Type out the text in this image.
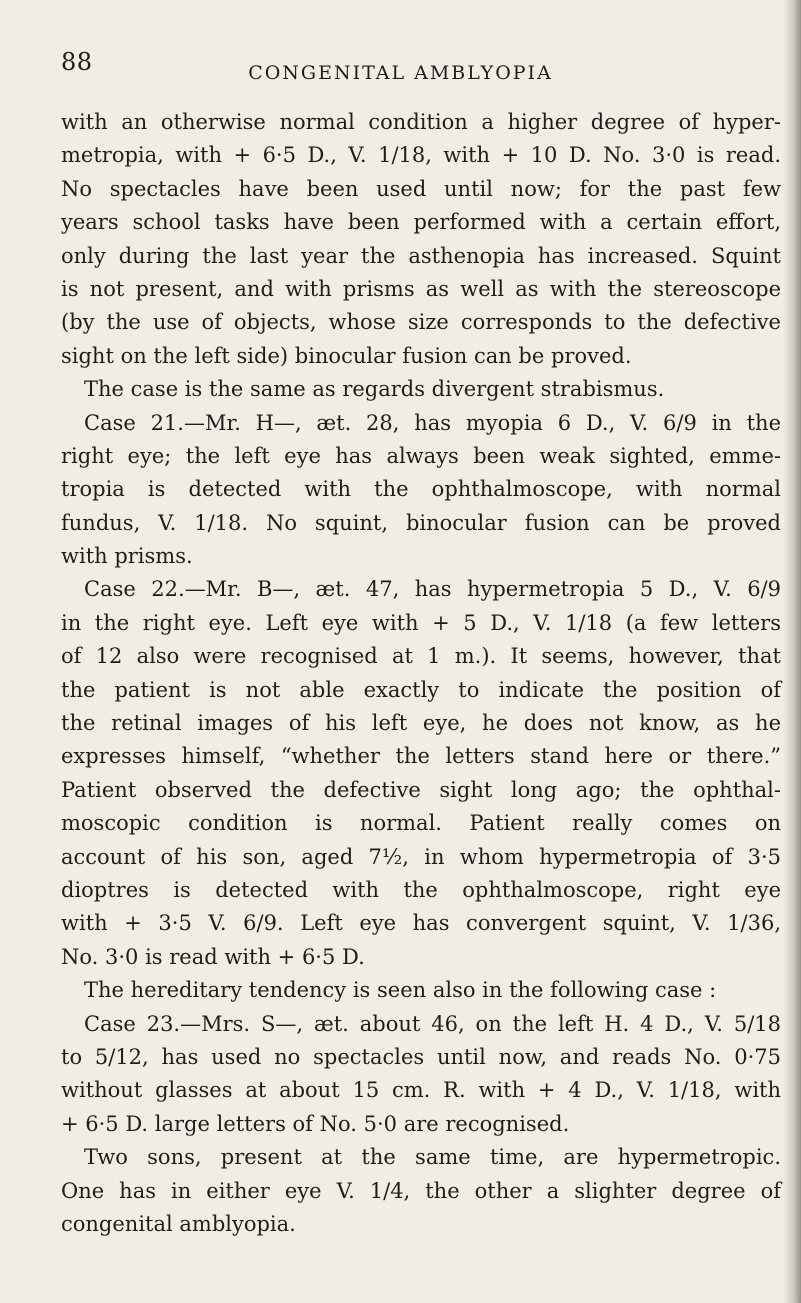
88	CONGENITAL AMBLYOPIA
with an otherwise normal condition a higher degree of hyper-
metropia, with + 6·5 D., V. 1/18, with + 10 D. No. 3·0 is read.
No spectacles have been used until now; for the past few
years school tasks have been performed with a certain effort,
only during the last year the asthenopia has increased. Squint
is not present, and with prisms as well as with the stereoscope
(by the use of objects, whose size corresponds to the defective
sight on the left side) binocular fusion can be proved.
The case is the same as regards divergent strabismus.
Case 21.—Mr. H—, æt. 28, has myopia 6 D., V. 6/9 in the
right eye; the left eye has always been weak sighted, emme-
tropia is detected with the ophthalmoscope, with normal
fundus, V. 1/18. No squint, binocular fusion can be proved
with prisms.
Case 22.—Mr. B—, æt. 47, has hypermetropia 5 D., V. 6/9
in the right eye. Left eye with + 5 D., V. 1/18 (a few letters
of 12 also were recognised at 1 m.). It seems, however, that
the patient is not able exactly to indicate the position of
the retinal images of his left eye, he does not know, as he
expresses himself, “whether the letters stand here or there.”
Patient observed the defective sight long ago; the ophthal-
moscopic condition is normal. Patient really comes on
account of his son, aged 7½, in whom hypermetropia of 3·5
dioptres is detected with the ophthalmoscope, right eye
with + 3·5 V. 6/9. Left eye has convergent squint, V. 1/36,
No. 3·0 is read with + 6·5 D.
The hereditary tendency is seen also in the following case :
Case 23.—Mrs. S—, æt. about 46, on the left H. 4 D., V. 5/18
to 5/12, has used no spectacles until now, and reads No. 0·75
without glasses at about 15 cm. R. with + 4 D., V. 1/18, with
+ 6·5 D. large letters of No. 5·0 are recognised.
Two sons, present at the same time, are hypermetropic.
One has in either eye V. 1/4, the other a slighter degree of
congenital amblyopia.
